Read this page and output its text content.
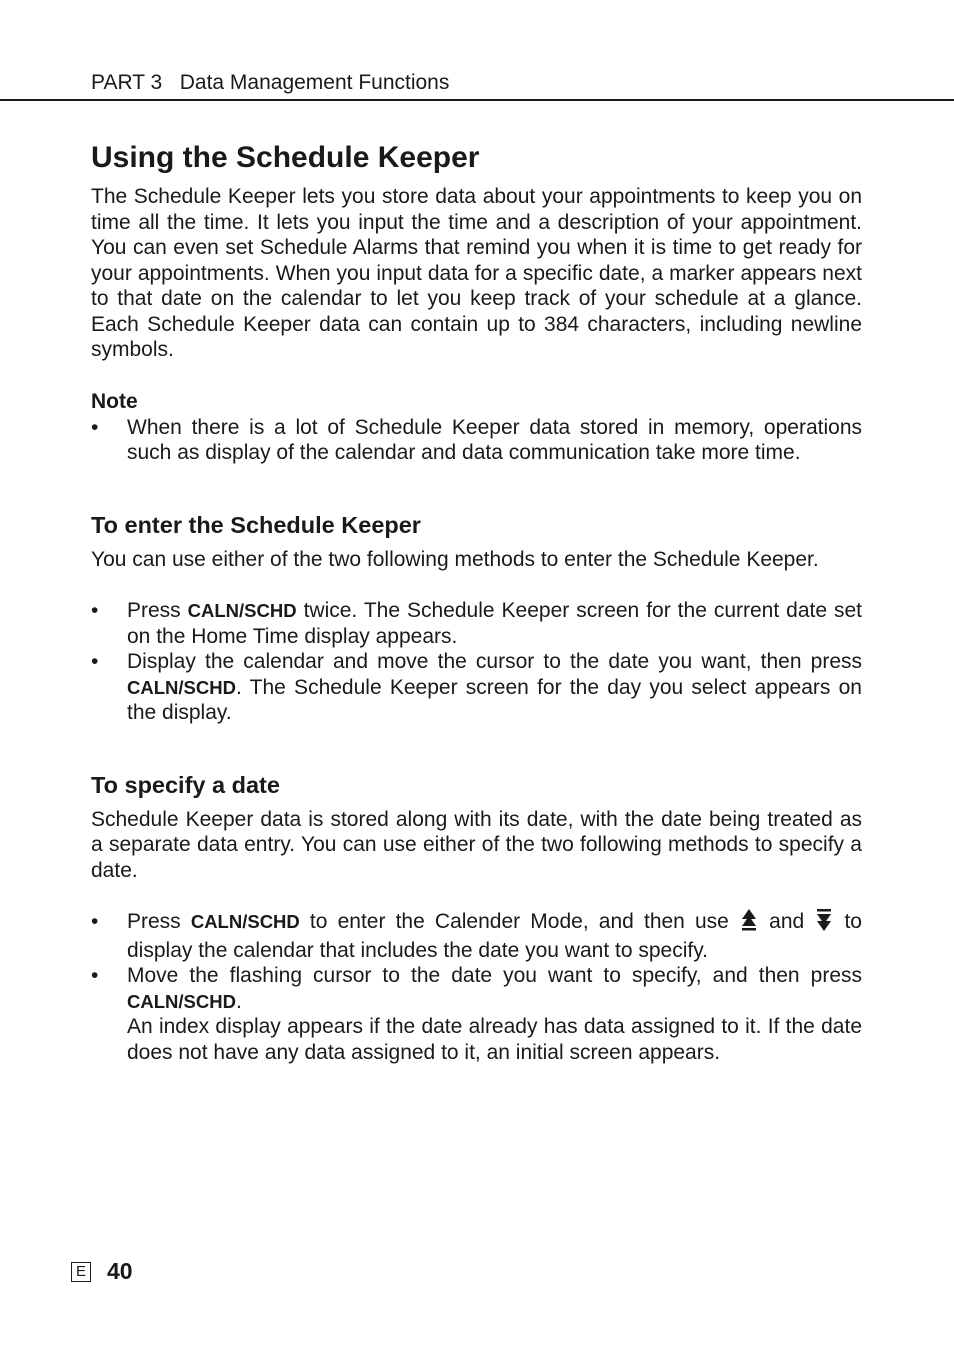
PART 3 Data Management Functions
Using the Schedule Keeper

The Schedule Keeper lets you store data about your appointments to keep you on time all the time. It lets you input the time and a description of your appointment. You can even set Schedule Alarms that remind you when it is time to get ready for your appointments. When you input data for a specific date, a marker appears next to that date on the calendar to let you keep track of your schedule at a glance. Each Schedule Keeper data can contain up to 384 characters, including newline symbols.

Note
• When there is a lot of Schedule Keeper data stored in memory, operations such as display of the calendar and data communication take more time.
To enter the Schedule Keeper

You can use either of the two following methods to enter the Schedule Keeper.

• Press CALN/SCHD twice. The Schedule Keeper screen for the current date set on the Home Time display appears.
• Display the calendar and move the cursor to the date you want, then press CALN/SCHD. The Schedule Keeper screen for the day you select appears on the display.
To specify a date

Schedule Keeper data is stored along with its date, with the date being treated as a separate data entry. You can use either of the two following methods to specify a date.

• Press CALN/SCHD to enter the Calender Mode, and then use  and  to display the calendar that includes the date you want to specify.
• Move the flashing cursor to the date you want to specify, and then press CALN/SCHD.
An index display appears if the date already has data assigned to it. If the date does not have any data assigned to it, an initial screen appears.
E 40
